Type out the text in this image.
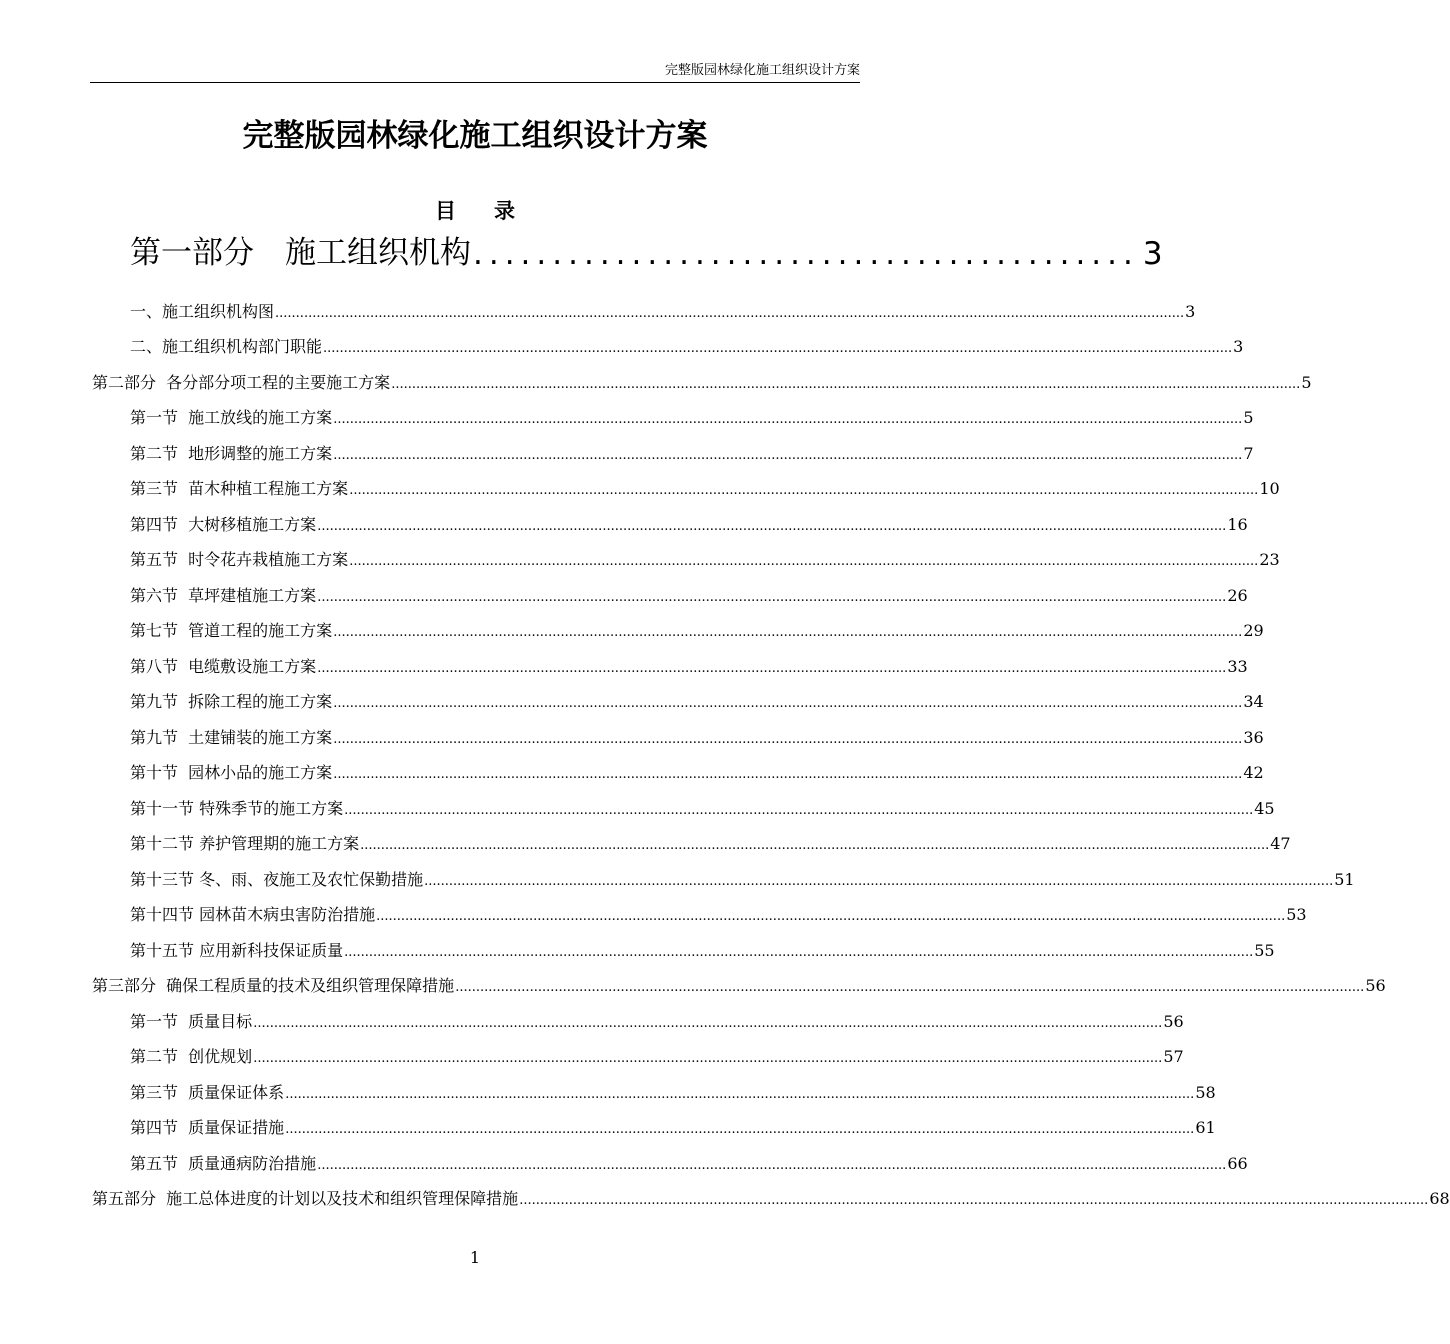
完整版园林绿化施工组织设计方案
完整版园林绿化施工组织设计方案
目录
第一部分　施工组织机构 .......................................... 3
一、施工组织机构图 ............................................................................................................................................................................................................................ 3
二、施工组织机构部门职能 ............................................................................................................................................................................................................................ 3
第二部分  各分部分项工程的主要施工方案 ............................................................................................................................................................................................................................ 5
第一节  施工放线的施工方案 ............................................................................................................................................................................................................................ 5
第二节  地形调整的施工方案 ............................................................................................................................................................................................................................ 7
第三节  苗木种植工程施工方案 ............................................................................................................................................................................................................................ 10
第四节  大树移植施工方案 ............................................................................................................................................................................................................................ 16
第五节  时令花卉栽植施工方案 ............................................................................................................................................................................................................................ 23
第六节  草坪建植施工方案 ............................................................................................................................................................................................................................ 26
第七节  管道工程的施工方案 ............................................................................................................................................................................................................................ 29
第八节  电缆敷设施工方案 ............................................................................................................................................................................................................................ 33
第九节  拆除工程的施工方案 ............................................................................................................................................................................................................................ 34
第九节  土建铺装的施工方案 ............................................................................................................................................................................................................................ 36
第十节  园林小品的施工方案 ............................................................................................................................................................................................................................ 42
第十一节 特殊季节的施工方案 ............................................................................................................................................................................................................................ 45
第十二节 养护管理期的施工方案 ............................................................................................................................................................................................................................ 47
第十三节 冬、雨、夜施工及农忙保勤措施 ............................................................................................................................................................................................................................ 51
第十四节 园林苗木病虫害防治措施 ............................................................................................................................................................................................................................ 53
第十五节 应用新科技保证质量 ............................................................................................................................................................................................................................ 55
第三部分  确保工程质量的技术及组织管理保障措施 ............................................................................................................................................................................................................................ 56
第一节  质量目标 ............................................................................................................................................................................................................................ 56
第二节  创优规划 ............................................................................................................................................................................................................................ 57
第三节  质量保证体系 ............................................................................................................................................................................................................................ 58
第四节  质量保证措施 ............................................................................................................................................................................................................................ 61
第五节  质量通病防治措施 ............................................................................................................................................................................................................................ 66
第五部分  施工总体进度的计划以及技术和组织管理保障措施 ............................................................................................................................................................................................................................ 68
1
